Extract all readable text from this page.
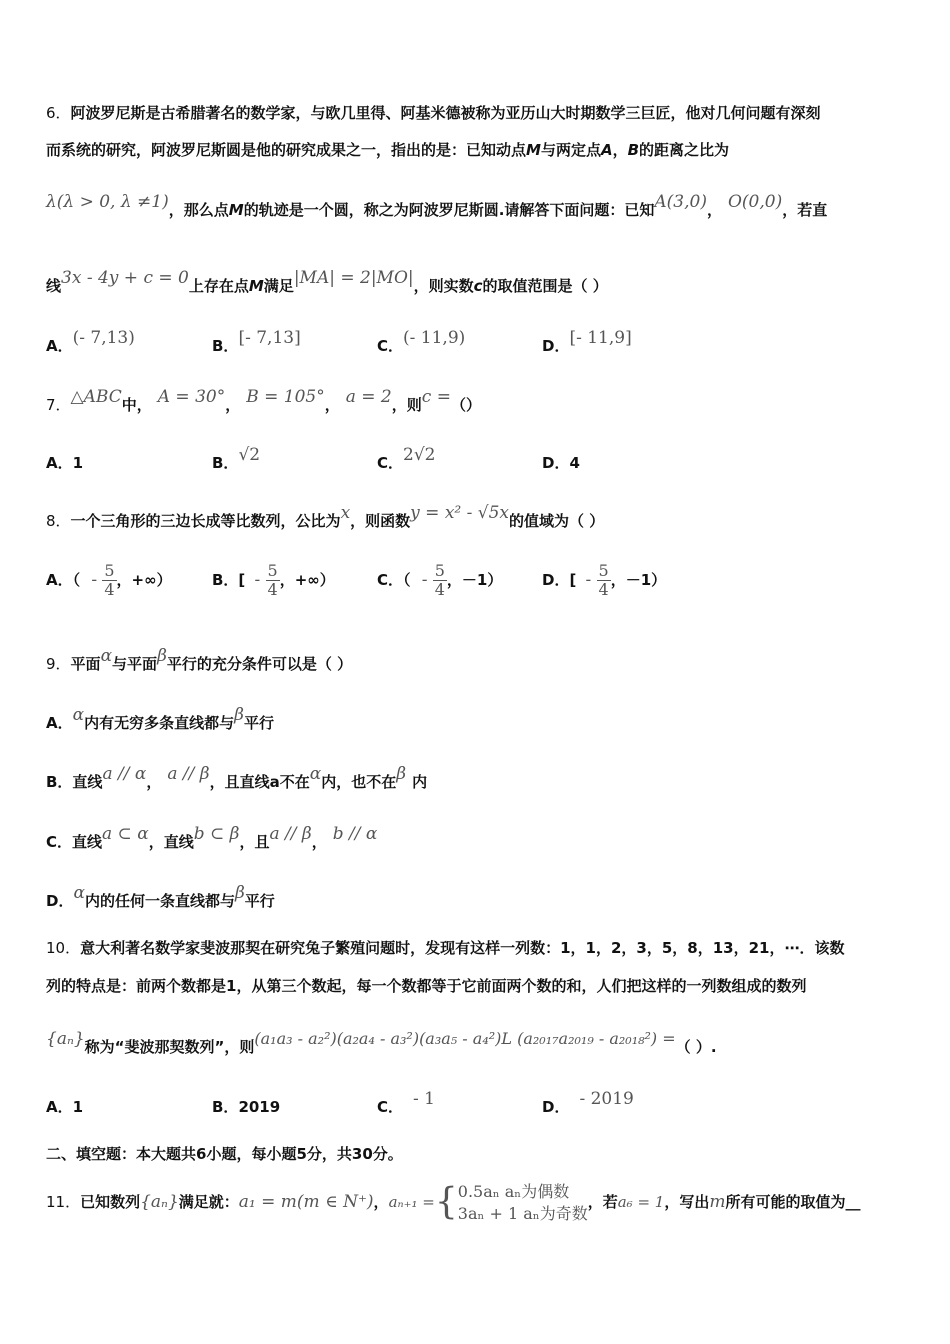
6．阿波罗尼斯是古希腊著名的数学家，与欧几里得、阿基米德被称为亚历山大时期数学三巨匠，他对几何问题有深刻
而系统的研究，阿波罗尼斯圆是他的研究成果之一，指出的是：已知动点M与两定点A，B的距离之比为
λ(λ > 0, λ ≠1)，那么点M的轨迹是一个圆，称之为阿波罗尼斯圆.请解答下面问题：已知A(3,0)， O(0,0)，若直
线3x - 4y + c = 0上存在点M满足|MA| = 2|MO|，则实数c的取值范围是（ ）
A．(- 7,13)	B．[- 7,13]	C．(- 11,9)	D．[- 11,9]
7．△ABC中， A = 30°， B = 105°， a = 2，则c =（）
A．1	B．√2	C．2√2	D．4
8．一个三角形的三边长成等比数列，公比为x，则函数y = x² - √5x的值域为（ ）
A．（ - $\frac{5}{4}$ ，+∞）	B．[ - $\frac{5}{4}$ ，+∞）	C．（ - $\frac{5}{4}$ ，－1）	D．[ - $\frac{5}{4}$ ，－1）
9．平面α与平面β平行的充分条件可以是（ ）
A．α内有无穷多条直线都与β平行
B．直线a // α， a // β，且直线a不在α内，也不在β 内
C．直线a ⊂ α，直线b ⊂ β，且a // β， b // α
D．α内的任何一条直线都与β平行
10．意大利著名数学家斐波那契在研究兔子繁殖问题时，发现有这样一列数：1，1，2，3，5，8，13，21，⋯．该数
列的特点是：前两个数都是1，从第三个数起，每一个数都等于它前面两个数的和，人们把这样的一列数组成的数列
{aₙ}称为“斐波那契数列”，则(a₁a₃ - a₂²)(a₂a₄ - a₃²)(a₃a₅ - a₄²)L (a₂₀₁₇a₂₀₁₉ - a₂₀₁₈²) =（ ）.
A．1	B．2019	C． - 1	D． - 2019
二、填空题：本大题共6小题，每小题5分，共30分。
11．已知数列{aₙ}满足就：a₁ = m(m ∈ N⁺)，aₙ₊₁ ={ 0.5aₙ aₙ为偶数
3aₙ + 1 aₙ为奇数
，若a₆ = 1，写出m所有可能的取值为__
